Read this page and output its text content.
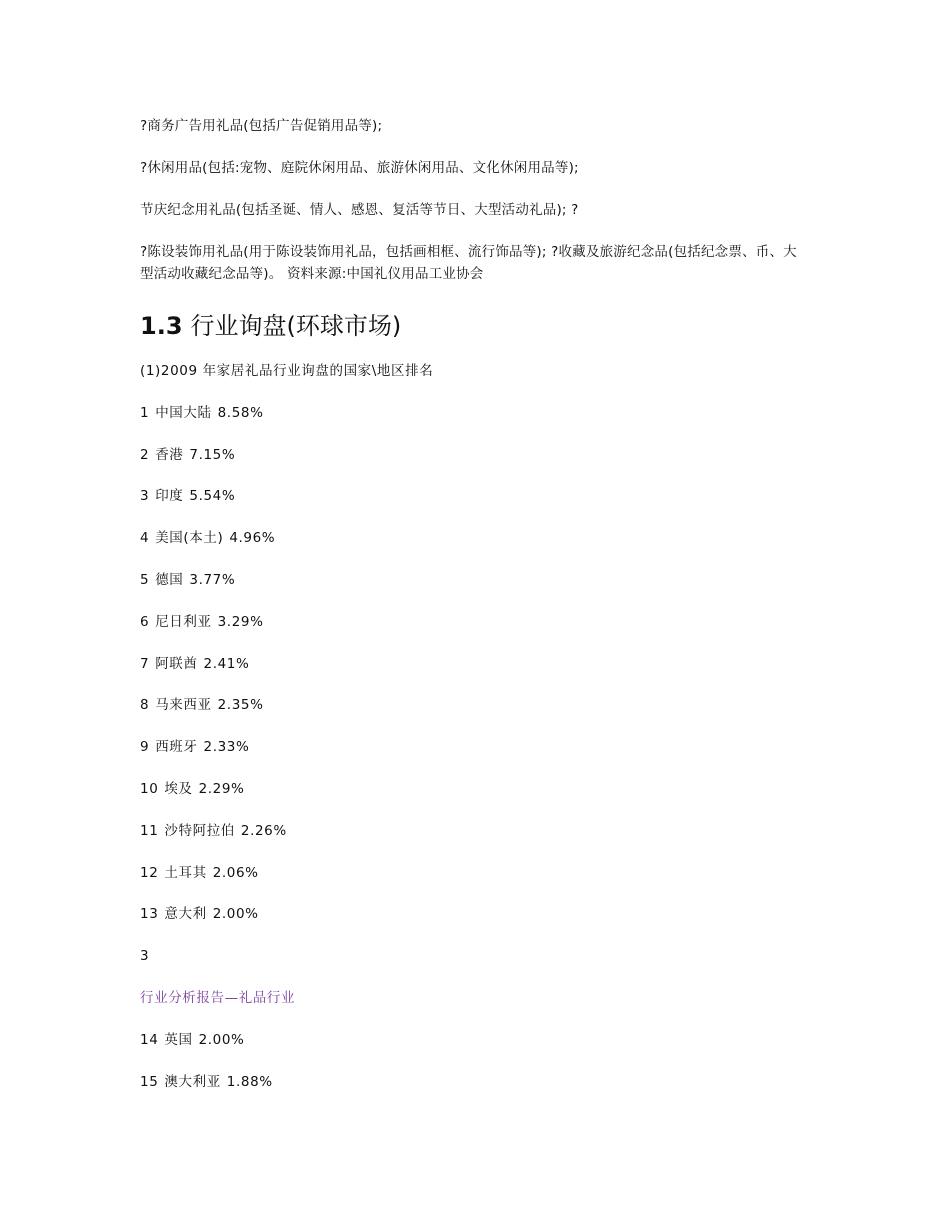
?商务广告用礼品(包括广告促销用品等);

?休闲用品(包括:宠物、庭院休闲用品、旅游休闲用品、文化休闲用品等);

节庆纪念用礼品(包括圣诞、情人、感恩、复活等节日、大型活动礼品); ?

?陈设装饰用礼品(用于陈设装饰用礼品，包括画相框、流行饰品等); ?收藏及旅游纪念品(包括纪念票、币、大型活动收藏纪念品等)。 资料来源:中国礼仪用品工业协会

1.3 行业询盘(环球市场)

(1)2009 年家居礼品行业询盘的国家\地区排名

1 中国大陆 8.58%

2 香港 7.15%

3 印度 5.54%

4 美国(本土) 4.96%

5 德国 3.77%

6 尼日利亚 3.29%

7 阿联酋 2.41%

8 马来西亚 2.35%

9 西班牙 2.33%

10 埃及 2.29%

11 沙特阿拉伯 2.26%

12 土耳其 2.06%

13 意大利 2.00%

3

行业分析报告—礼品行业

14 英国 2.00%

15 澳大利亚 1.88%
